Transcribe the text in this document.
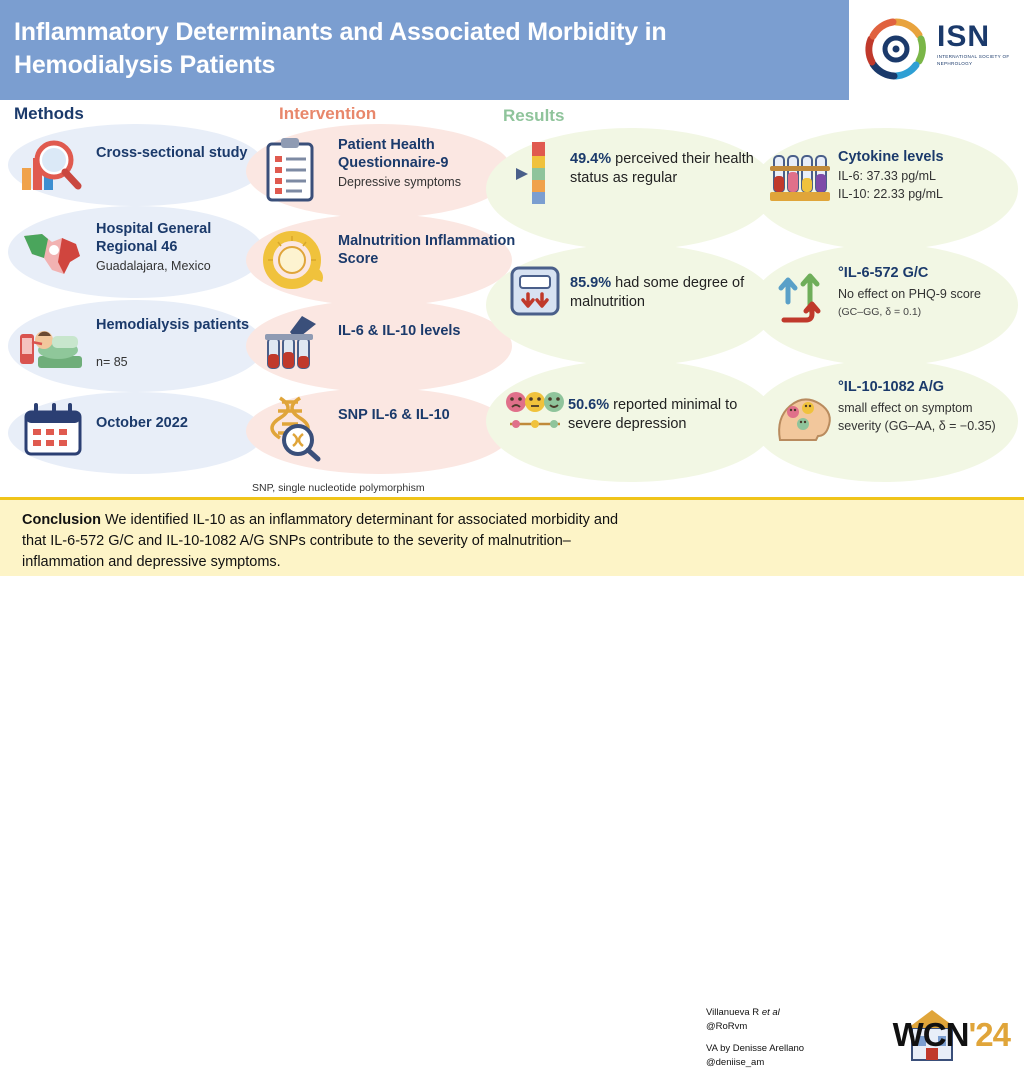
Inflammatory Determinants and Associated Morbidity in Hemodialysis Patients
ISN
INTERNATIONAL SOCIETY OF NEPHROLOGY
Methods	Intervention	Results
Cross-sectional study
Hospital General Regional 46
Guadalajara, Mexico
Hemodialysis patients
n= 85
October 2022
Patient Health Questionnaire-9
Depressive symptoms
Malnutrition Inflammation Score
IL-6 & IL-10 levels
SNP IL-6 & IL-10
49.4% perceived their health status as regular
85.9% had some degree of malnutrition
50.6% reported minimal to severe depression
Cytokine levels
IL-6: 37.33 pg/mL
IL-10: 22.33 pg/mL
°IL-6-572 G/C
No effect on PHQ-9 score
(GC–GG, δ = 0.1)
°IL-10-1082 A/G
small effect on symptom
severity (GG–AA, δ = −0.35)
SNP, single nucleotide polymorphism
Conclusion We identified IL-10 as an inflammatory determinant for associated morbidity and that IL-6-572 G/C and IL-10-1082 A/G SNPs contribute to the severity of malnutrition–inflammation and depressive symptoms.
Villanueva R et al
@RoRvm
VA by Denisse Arellano
@deniise_am
WCN'24
